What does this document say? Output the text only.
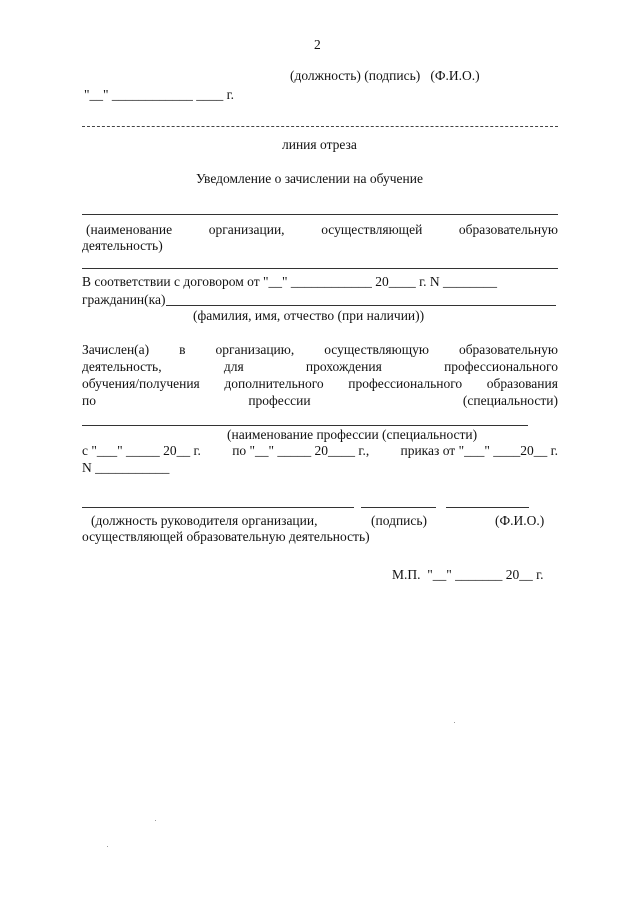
2
(должность) (подпись)   (Ф.И.О.)
"__" ____________ ____ г.
линия отреза
Уведомление о зачислении на обучение
(наименование	организации,	осуществляющей	образовательную
деятельность)
В соответствии с договором от "__" ____________ 20____ г. N ________
гражданин(ка)
(фамилия, имя, отчество (при наличии))
Зачислен(а) в организацию, осуществляющую образовательную
деятельность,	для	прохождения	профессионального
обучения/получения дополнительного профессионального образования
по	профессии	(специальности)
(наименование профессии (специальности)
с "___" _____ 20__ г. по "__" _____ 20____ г., приказ от "___" ____20__ г.
N ___________
(должность руководителя организации,	(подпись)	(Ф.И.О.)
осуществляющей образовательную деятельность)
М.П.  "__" _______ 20__ г.
